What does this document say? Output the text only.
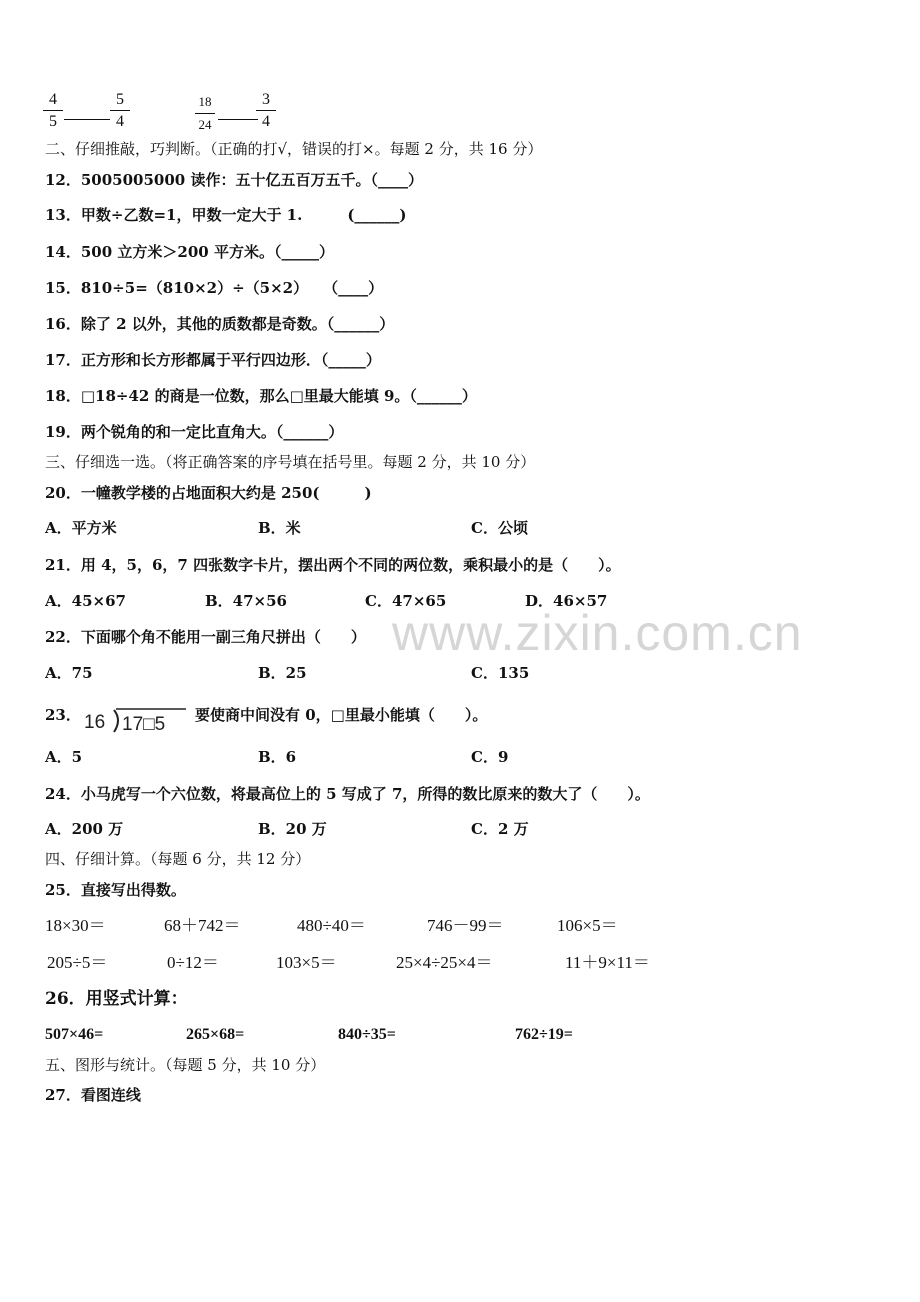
4
5
5
4
18
24
3
4
二、仔细推敲，巧判断。（正确的打√，错误的打×。每题 2 分，共 16 分）
12．5005005000 读作：五十亿五百万五千。（____）
13．甲数÷乙数=1，甲数一定大于 1.　　　(______)
14．500 立方米＞200 平方米。（_____）
15．810÷5=（810×2）÷（5×2）　　（____）
16．除了 2 以外，其他的质数都是奇数。（______）
17．正方形和长方形都属于平行四边形．（_____）
18．□18÷42 的商是一位数，那么□里最大能填 9。（______）
19．两个锐角的和一定比直角大。（______）
三、仔细选一选。（将正确答案的序号填在括号里。每题 2 分，共 10 分）
20．一幢教学楼的占地面积大约是 250(　　　)
A．平方米	B．米	C．公顷
21．用 4，5，6，7 四张数字卡片，摆出两个不同的两位数，乘积最小的是（　　）。
A．45×67	B．47×56	C．47×65	D．46×57
www.zixin.com.cn
22．下面哪个角不能用一副三角尺拼出（　　）
A．75	B．25	C．135
23． 16 17□5 要使商中间没有 0，□里最小能填（　　）。
A．5	B．6	C．9
24．小马虎写一个六位数，将最高位上的 5 写成了 7，所得的数比原来的数大了（　　）。
A．200 万	B．20 万	C．2 万
四、仔细计算。（每题 6 分，共 12 分）
25．直接写出得数。
18×30＝	68＋742＝	480÷40＝	746－99＝	106×5＝
205÷5＝	0÷12＝	103×5＝	25×4÷25×4＝	11＋9×11＝
26．用竖式计算：
507×46=	265×68=	840÷35=	762÷19=
五、图形与统计。（每题 5 分，共 10 分）
27．看图连线
